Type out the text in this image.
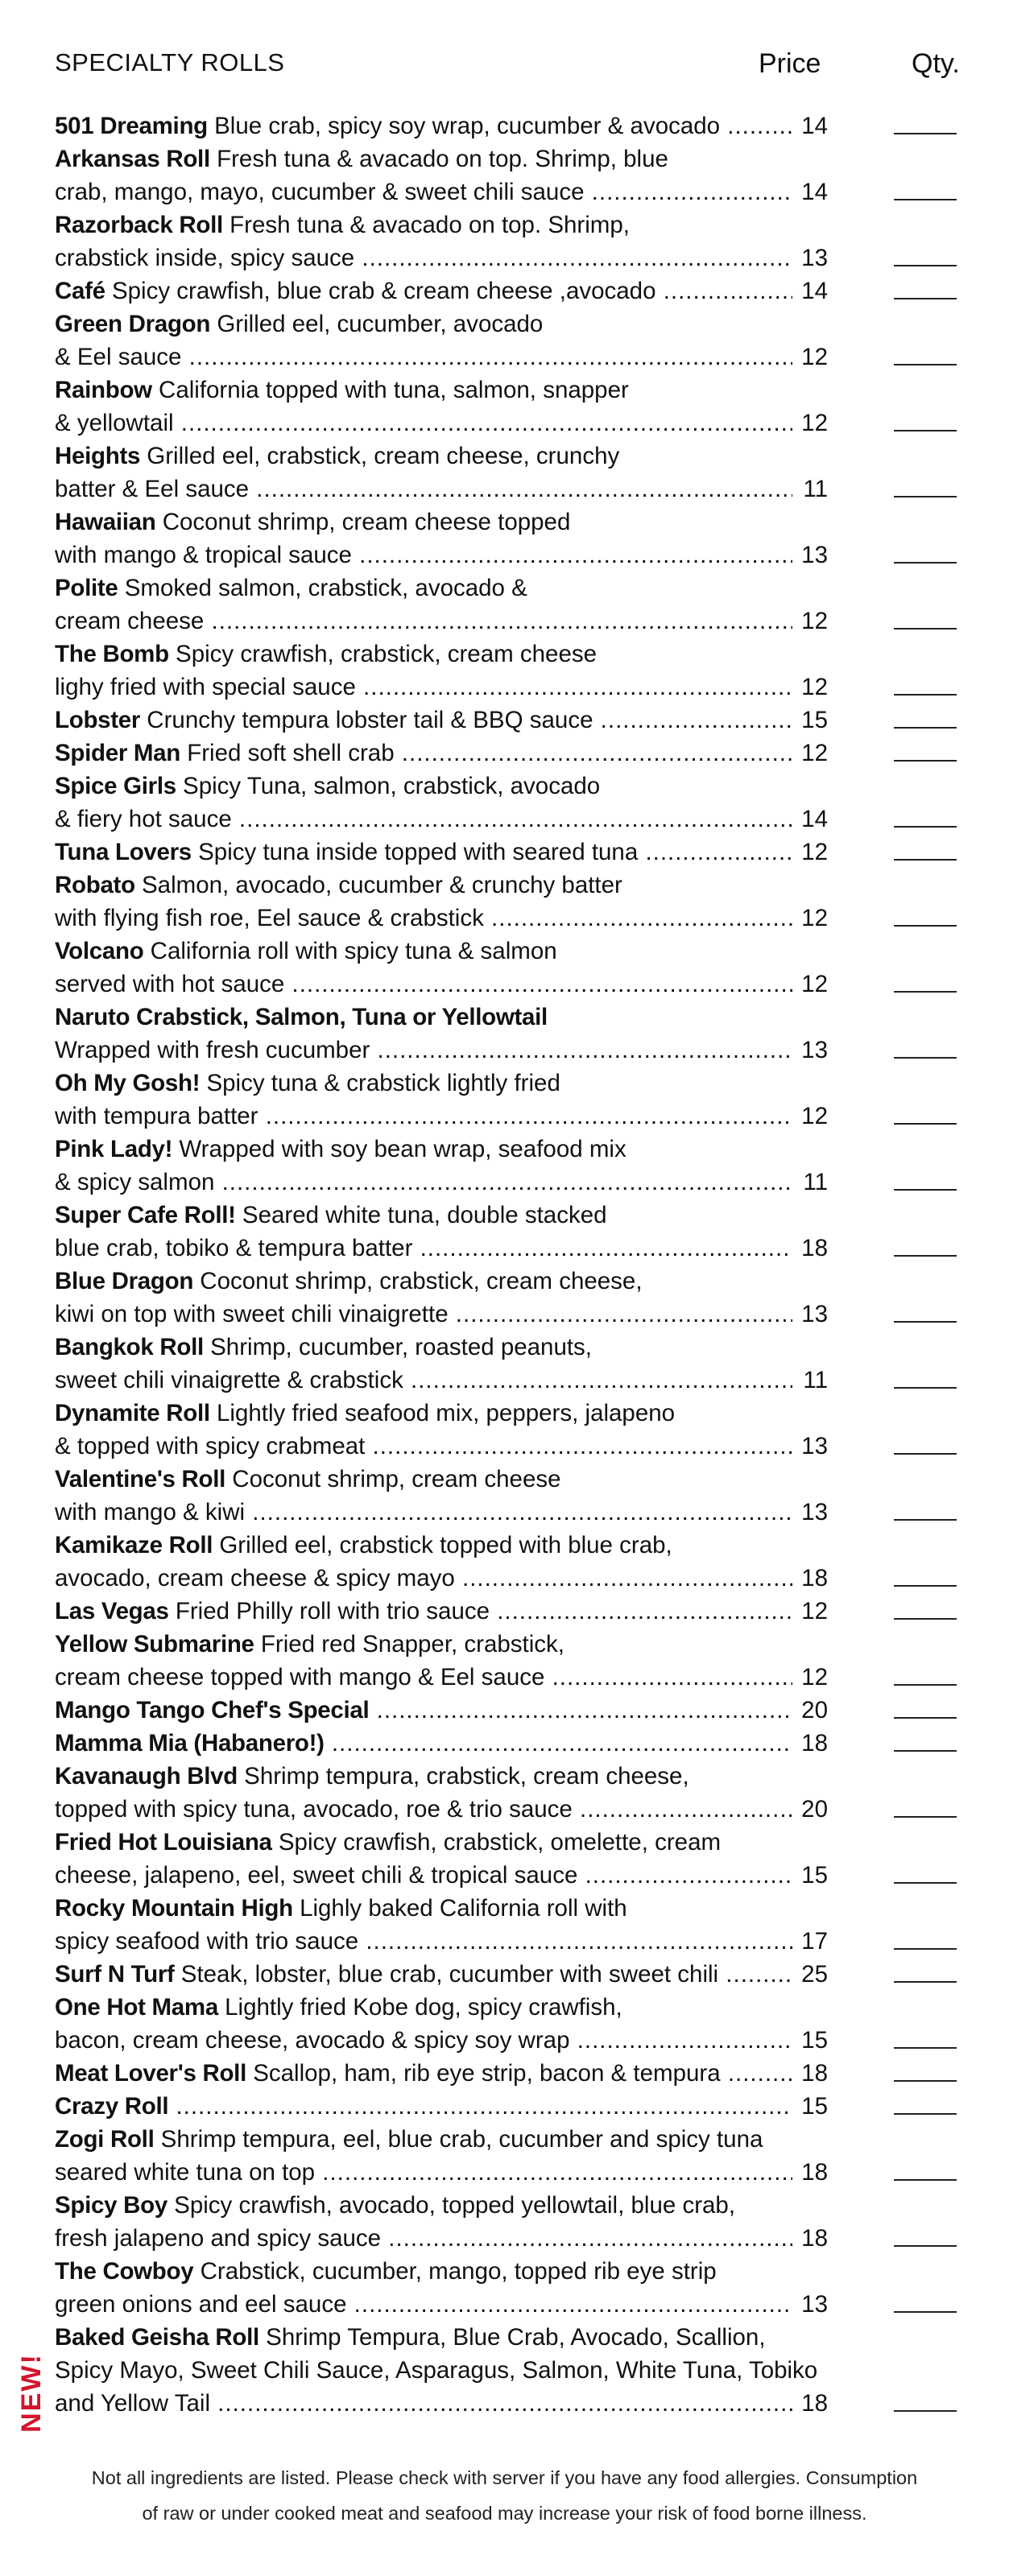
SPECIALTY ROLLS	Price	Qty.
501 Dreaming Blue crab, spicy soy wrap, cucumber & avocado .....	14
Arkansas Roll Fresh tuna & avacado on top. Shrimp, blue
crab, mango, mayo, cucumber & sweet chili sauce .....	14
Razorback Roll Fresh tuna & avacado on top. Shrimp,
crabstick inside, spicy sauce .....	13
Café Spicy crawfish, blue crab & cream cheese ,avocado .....	14
Green Dragon Grilled eel, cucumber, avocado
& Eel sauce .....	12
Rainbow California topped with tuna, salmon, snapper
& yellowtail .....	12
Heights Grilled eel, crabstick, cream cheese, crunchy
batter & Eel sauce .....	11
Hawaiian Coconut shrimp, cream cheese topped
with mango & tropical sauce .....	13
Polite Smoked salmon, crabstick, avocado &
cream cheese .....	12
The Bomb Spicy crawfish, crabstick, cream cheese
lighy fried with special sauce .....	12
Lobster Crunchy tempura lobster tail & BBQ sauce .....	15
Spider Man Fried soft shell crab .....	12
Spice Girls Spicy Tuna, salmon, crabstick, avocado
& fiery hot sauce .....	14
Tuna Lovers Spicy tuna inside topped with seared tuna .....	12
Robato Salmon, avocado, cucumber & crunchy batter
with flying fish roe, Eel sauce & crabstick .....	12
Volcano California roll with spicy tuna & salmon
served with hot sauce .....	12
Naruto Crabstick, Salmon, Tuna or Yellowtail
Wrapped with fresh cucumber .....	13
Oh My Gosh! Spicy tuna & crabstick lightly fried
with tempura batter .....	12
Pink Lady! Wrapped with soy bean wrap, seafood mix
& spicy salmon .....	11
Super Cafe Roll! Seared white tuna, double stacked
blue crab, tobiko & tempura batter .....	18
Blue Dragon Coconut shrimp, crabstick, cream cheese,
kiwi on top with sweet chili vinaigrette .....	13
Bangkok Roll Shrimp, cucumber, roasted peanuts,
sweet chili vinaigrette & crabstick .....	11
Dynamite Roll Lightly fried seafood mix, peppers, jalapeno
& topped with spicy crabmeat .....	13
Valentine's Roll Coconut shrimp, cream cheese
with mango & kiwi .....	13
Kamikaze Roll Grilled eel, crabstick topped with blue crab,
avocado, cream cheese & spicy mayo .....	18
Las Vegas Fried Philly roll with trio sauce .....	12
Yellow Submarine Fried red Snapper, crabstick,
cream cheese topped with mango & Eel sauce .....	12
Mango Tango Chef's Special .....	20
Mamma Mia (Habanero!) .....	18
Kavanaugh Blvd Shrimp tempura, crabstick, cream cheese,
topped with spicy tuna, avocado, roe & trio sauce .....	20
Fried Hot Louisiana Spicy crawfish, crabstick, omelette, cream
cheese, jalapeno, eel, sweet chili & tropical sauce .....	15
Rocky Mountain High Lighly baked California roll with
spicy seafood with trio sauce .....	17
Surf N Turf Steak, lobster, blue crab, cucumber with sweet chili .....	25
One Hot Mama Lightly fried Kobe dog, spicy crawfish,
bacon, cream cheese, avocado & spicy soy wrap .....	15
Meat Lover's Roll Scallop, ham, rib eye strip, bacon & tempura .....	18
Crazy Roll .....	15
Zogi Roll Shrimp tempura, eel, blue crab, cucumber and spicy tuna
seared white tuna on top .....	18
Spicy Boy Spicy crawfish, avocado, topped yellowtail, blue crab,
fresh jalapeno and spicy sauce .....	18
The Cowboy Crabstick, cucumber, mango, topped rib eye strip
green onions and eel sauce .....	13
Baked Geisha Roll Shrimp Tempura, Blue Crab, Avocado, Scallion,
Spicy Mayo, Sweet Chili Sauce, Asparagus, Salmon, White Tuna, Tobiko
and Yellow Tail .....	18
NEW!
Not all ingredients are listed. Please check with server if you have any food allergies. Consumption
of raw or under cooked meat and seafood may increase your risk of food borne illness.
